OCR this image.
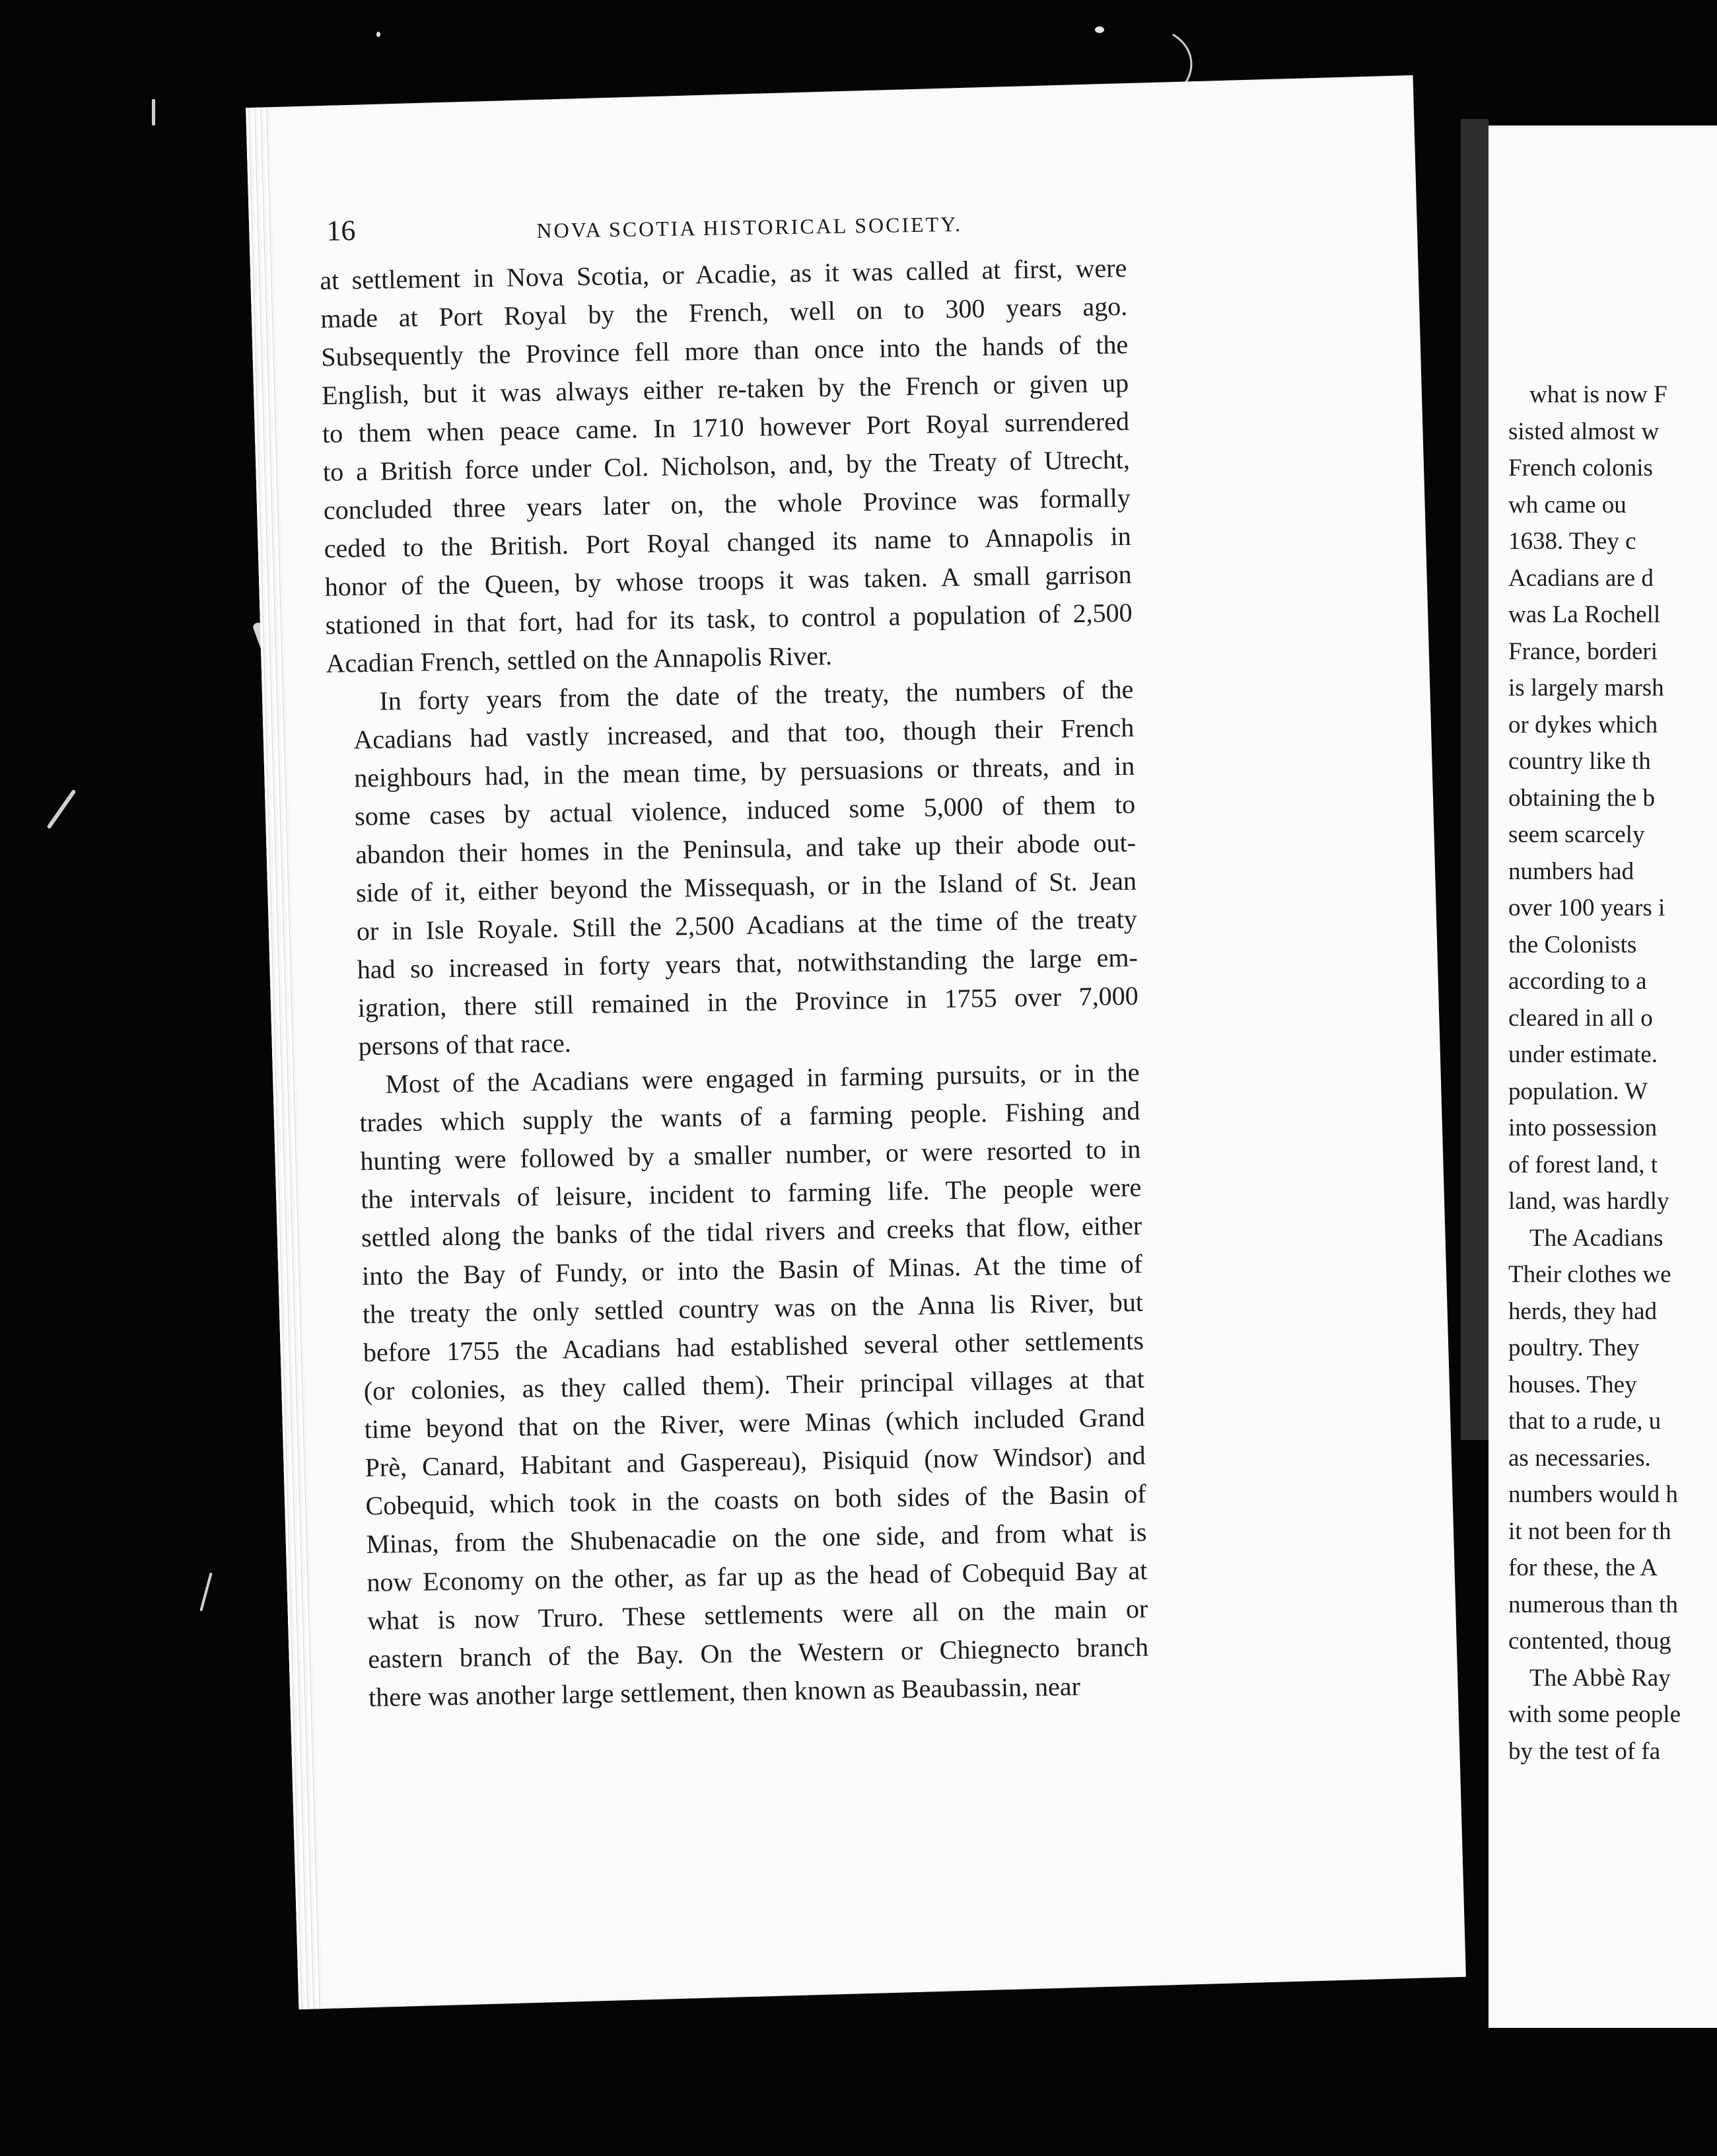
what is now F
sisted almost w
French colonis
wh came ou
1638. They c
Acadians are d
was La Rochell
France, borderi
is largely marsh
or dykes which
country like th
obtaining the b
seem scarcely
numbers had
over 100 years i
the Colonists
according to a
cleared in all o
under estimate.
population. W
into possession
of forest land, t
land, was hardly
The Acadians
Their clothes we
herds, they had
poultry. They
houses. They
that to a rude, u
as necessaries.
numbers would h
it not been for th
for these, the A
numerous than th
contented, thoug
The Abbè Ray
with some people
by the test of fa
16	NOVA SCOTIA HISTORICAL SOCIETY.
at settlement in Nova Scotia, or Acadie, as it was called at first, were
made at Port Royal by the French, well on to 300 years ago.
Subsequently the Province fell more than once into the hands of the
English, but it was always either re-taken by the French or given up
to them when peace came. In 1710 however Port Royal surrendered
to a British force under Col. Nicholson, and, by the Treaty of Utrecht,
concluded three years later on, the whole Province was formally
ceded to the British. Port Royal changed its name to Annapolis in
honor of the Queen, by whose troops it was taken. A small garrison
stationed in that fort, had for its task, to control a population of 2,500
Acadian French, settled on the Annapolis River.
In forty years from the date of the treaty, the numbers of the
Acadians had vastly increased, and that too, though their French
neighbours had, in the mean time, by persuasions or threats, and in
some cases by actual violence, induced some 5,000 of them to
abandon their homes in the Peninsula, and take up their abode out-
side of it, either beyond the Missequash, or in the Island of St. Jean
or in Isle Royale. Still the 2,500 Acadians at the time of the treaty
had so increased in forty years that, notwithstanding the large em-
igration, there still remained in the Province in 1755 over 7,000
persons of that race.
Most of the Acadians were engaged in farming pursuits, or in the
trades which supply the wants of a farming people. Fishing and
hunting were followed by a smaller number, or were resorted to in
the intervals of leisure, incident to farming life. The people were
settled along the banks of the tidal rivers and creeks that flow, either
into the Bay of Fundy, or into the Basin of Minas. At the time of
the treaty the only settled country was on the Anna lis River, but
before 1755 the Acadians had established several other settlements
(or colonies, as they called them). Their principal villages at that
time beyond that on the River, were Minas (which included Grand
Prè, Canard, Habitant and Gaspereau), Pisiquid (now Windsor) and
Cobequid, which took in the coasts on both sides of the Basin of
Minas, from the Shubenacadie on the one side, and from what is
now Economy on the other, as far up as the head of Cobequid Bay at
what is now Truro. These settlements were all on the main or
eastern branch of the Bay. On the Western or Chiegnecto branch
there was another large settlement, then known as Beaubassin, near
